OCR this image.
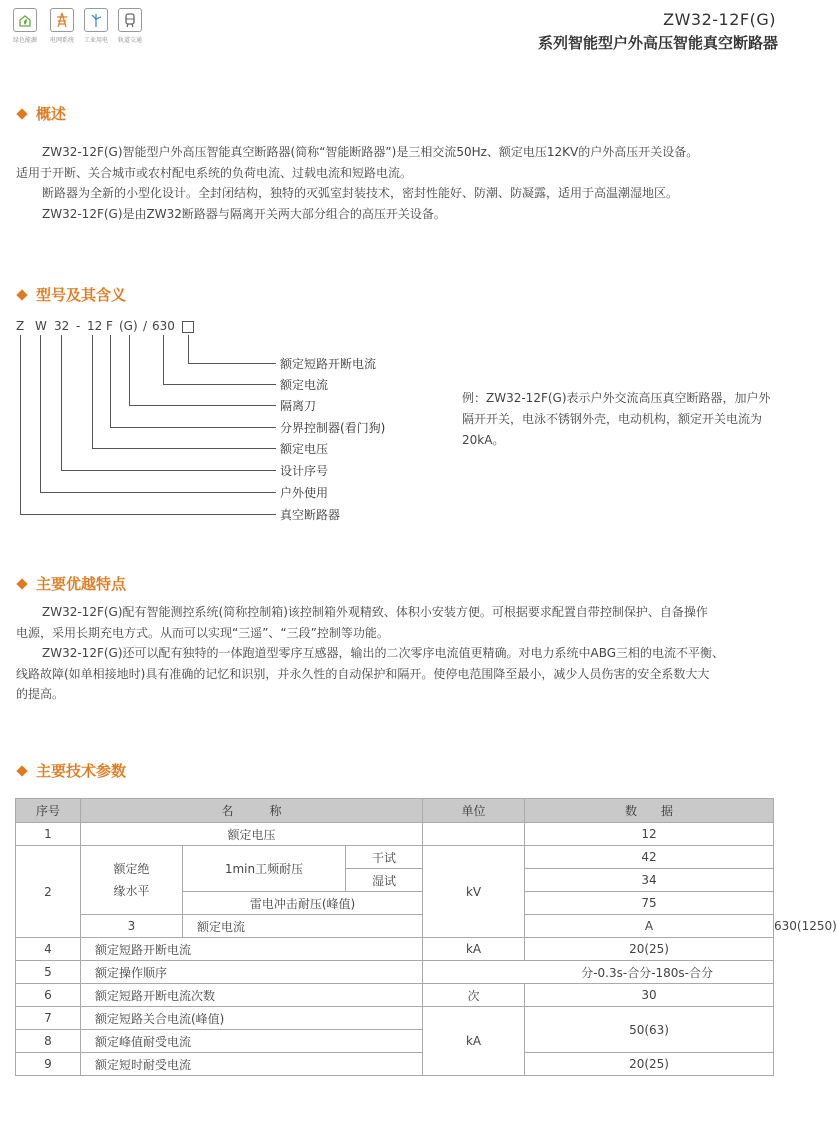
绿色能源	电网系统	工业用电	轨道交通
ZW32-12F(G)
系列智能型户外高压智能真空断路器
概述

ZW32-12F(G)智能型户外高压智能真空断路器(简称“智能断路器”)是三相交流50Hz、额定电压12KV的户外高压开关设备。

适用于开断、关合城市或农村配电系统的负荷电流、过载电流和短路电流。

断路器为全新的小型化设计。全封闭结构，独特的灭弧室封装技术，密封性能好、防潮、防凝露，适用于高温潮湿地区。

ZW32-12F(G)是由ZW32断路器与隔离开关两大部分组合的高压开关设备。

型号及其含义
Z W 32 - 12 F (G) / 630
额定短路开断电流
额定电流
隔离刀
分界控制器(看门狗)
额定电压
设计序号
户外使用
真空断路器
例：ZW32-12F(G)表示户外交流高压真空断路器，加户外隔开开关，电泳不锈钢外壳，电动机构，额定开关电流为20kA。
主要优越特点

ZW32-12F(G)配有智能测控系统(简称控制箱)该控制箱外观精致、体积小安装方便。可根据要求配置自带控制保护、自备操作

电源，采用长期充电方式。从而可以实现“三遥”、“三段”控制等功能。

ZW32-12F(G)还可以配有独特的一体跑道型零序互感器，输出的二次零序电流值更精确。对电力系统中ABG三相的电流不平衡、

线路故障(如单相接地时)具有准确的记忆和识别，并永久性的自动保护和隔开。使停电范围降至最小，减少人员伤害的安全系数大大

的提高。

主要技术参数
序号	名　　　称			单位	数　　据	
1	额定电压				12	
2	额定绝
缘水平	1min工频耐压	干试	kV	42	
			湿试		34	
		雷电冲击耐压(峰值)			75	
	3	额定电流			A	630(1250)
4	额定短路开断电流			kA	20(25)	
5	额定操作顺序			分-0.3s-合分-180s-合分		
6	额定短路开断电流次数			次	30	
7	额定短路关合电流(峰值)			kA	50(63)	
8	额定峰值耐受电流					
9	额定短时耐受电流				20(25)	
